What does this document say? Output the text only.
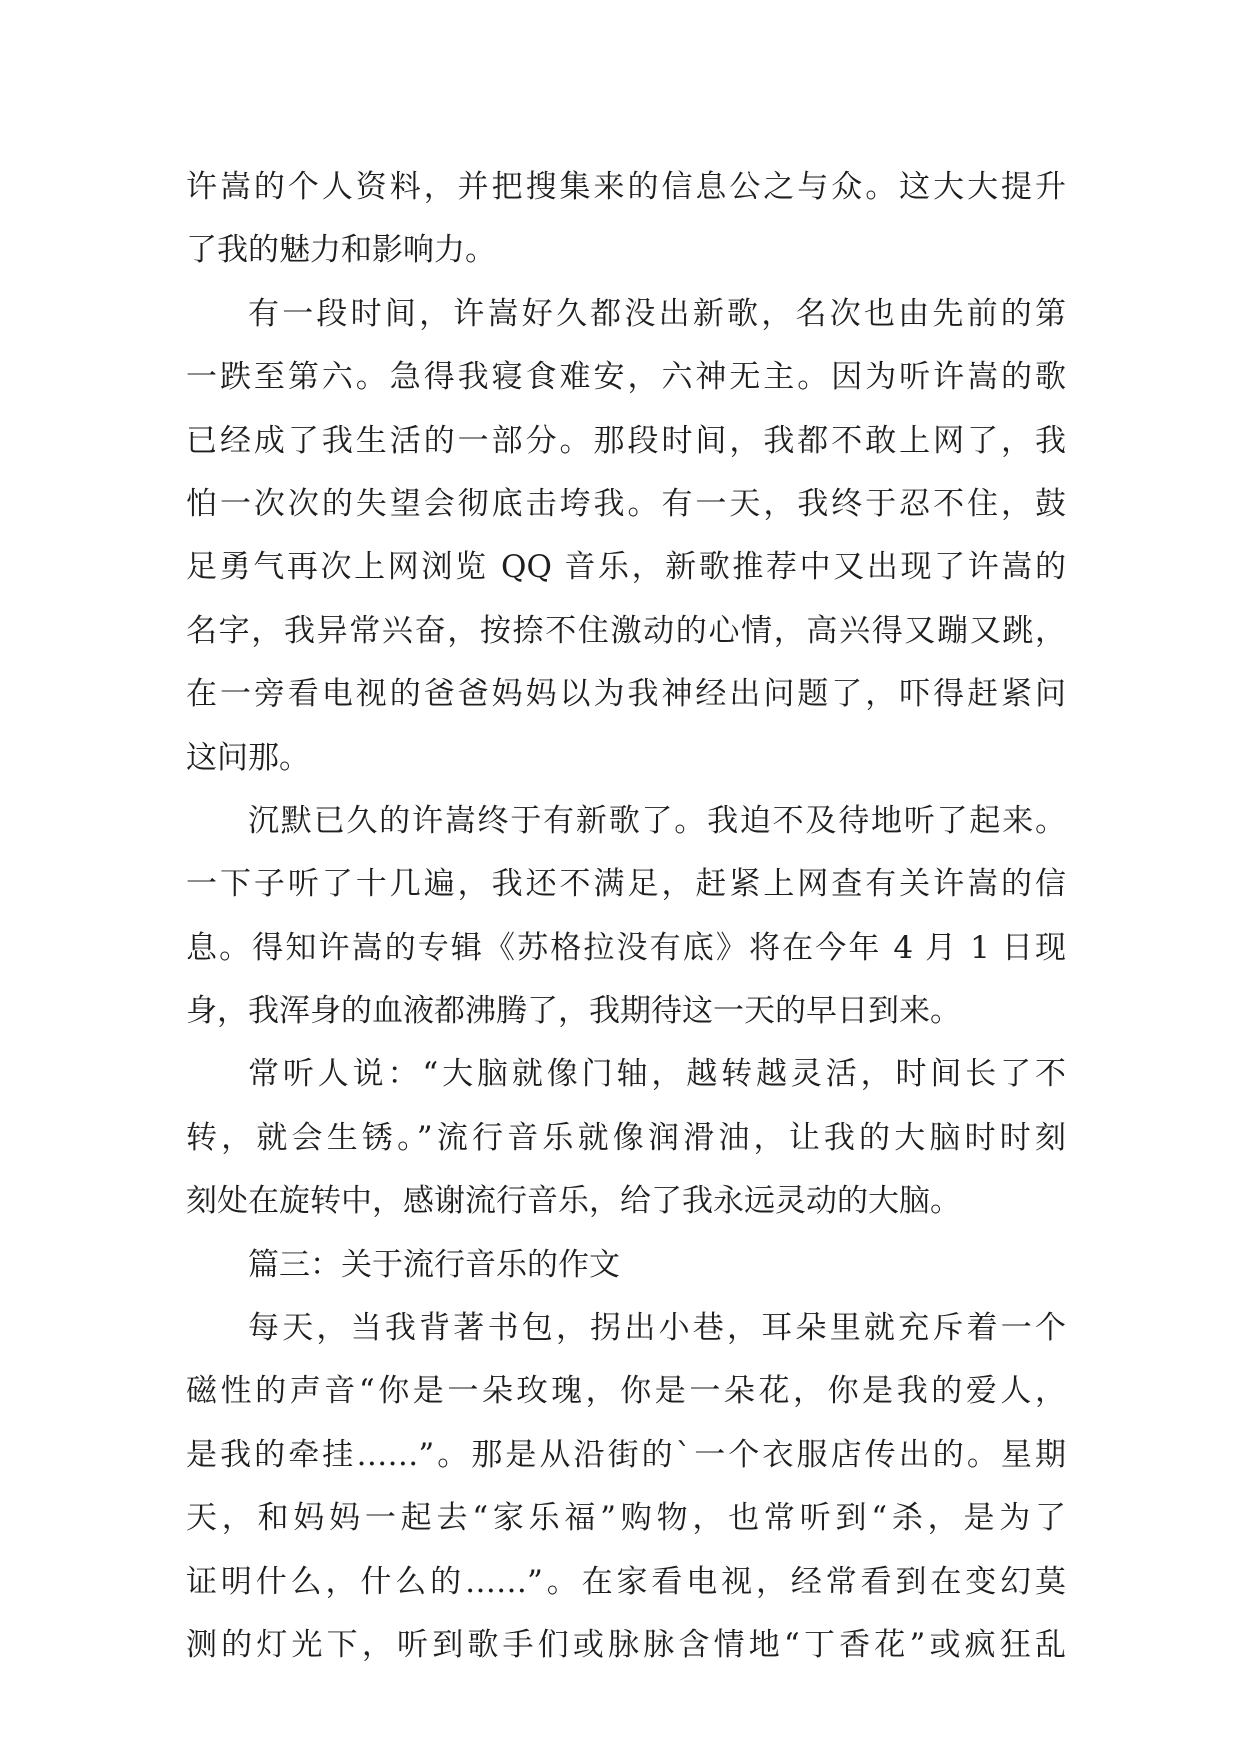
许嵩的个人资料，并把搜集来的信息公之与众。这大大提升
了我的魅力和影响力。
有一段时间，许嵩好久都没出新歌，名次也由先前的第
一跌至第六。急得我寝食难安，六神无主。因为听许嵩的歌
已经成了我生活的一部分。那段时间，我都不敢上网了，我
怕一次次的失望会彻底击垮我。有一天，我终于忍不住，鼓
足勇气再次上网浏览 QQ 音乐，新歌推荐中又出现了许嵩的
名字，我异常兴奋，按捺不住激动的心情，高兴得又蹦又跳，
在一旁看电视的爸爸妈妈以为我神经出问题了，吓得赶紧问
这问那。
沉默已久的许嵩终于有新歌了。我迫不及待地听了起来。
一下子听了十几遍，我还不满足，赶紧上网查有关许嵩的信
息。得知许嵩的专辑《苏格拉没有底》将在今年 4 月 1 日现
身，我浑身的血液都沸腾了，我期待这一天的早日到来。
常听人说：“大脑就像门轴，越转越灵活，时间长了不
转，就会生锈。”流行音乐就像润滑油，让我的大脑时时刻
刻处在旋转中，感谢流行音乐，给了我永远灵动的大脑。
篇三：关于流行音乐的作文
每天，当我背著书包，拐出小巷，耳朵里就充斥着一个
磁性的声音“你是一朵玫瑰，你是一朵花，你是我的爱人，
是我的牵挂……”。那是从沿街的`一个衣服店传出的。星期
天，和妈妈一起去“家乐福”购物，也常听到“杀，是为了
证明什么，什么的……”。在家看电视，经常看到在变幻莫
测的灯光下，听到歌手们或脉脉含情地“丁香花”或疯狂乱
